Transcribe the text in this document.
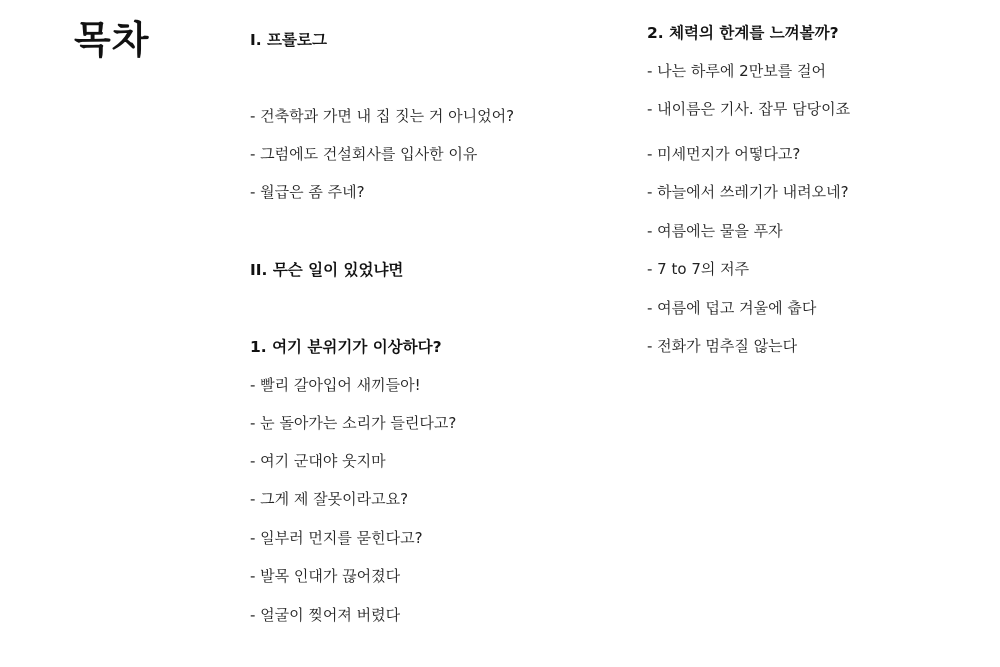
목차	I. 프롤로그
- 건축학과 가면 내 집 짓는 거 아니었어?
- 그럼에도 건설회사를 입사한 이유
- 월급은 좀 주네?
II. 무슨 일이 있었냐면
1. 여기 분위기가 이상하다?
- 빨리 갈아입어 새끼들아!
- 눈 돌아가는 소리가 들린다고?
- 여기 군대야 웃지마
- 그게 제 잘못이라고요?
- 일부러 먼지를 묻힌다고?
- 발목 인대가 끊어졌다
- 얼굴이 찢어져 버렸다
2. 체력의 한계를 느껴볼까?
- 나는 하루에 2만보를 걸어
- 내이름은 기사. 잡무 담당이죠
- 미세먼지가 어떻다고?
- 하늘에서 쓰레기가 내려오네?
- 여름에는 물을 푸자
- 7 to 7의 저주
- 여름에 덥고 겨울에 춥다
- 전화가 멈추질 않는다
